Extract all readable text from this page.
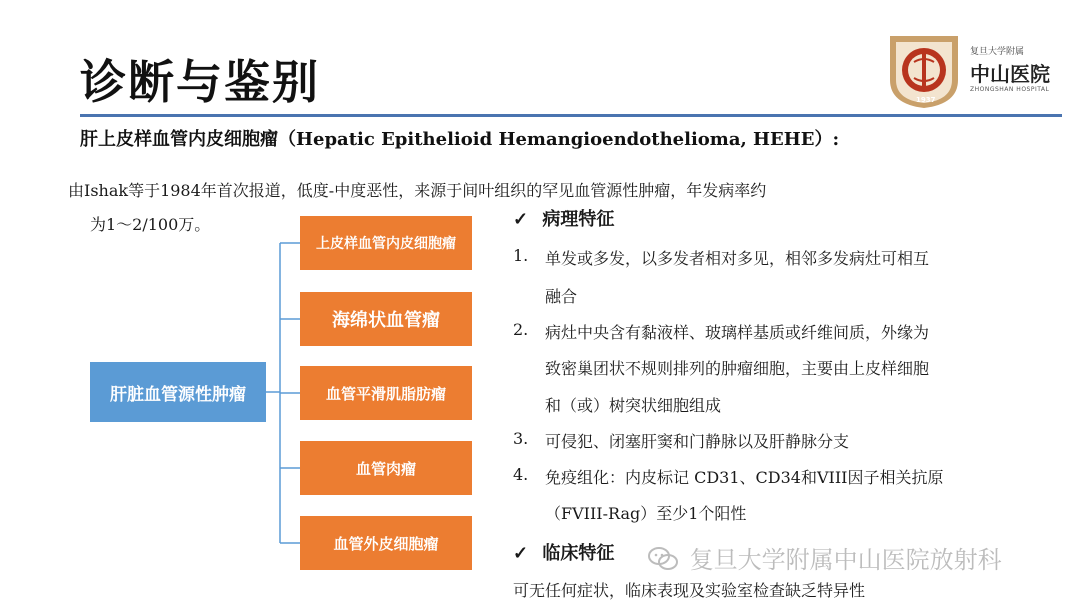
诊断与鉴别	1937
复旦大学附属
中山医院
ZHONGSHAN HOSPITAL
肝上皮样血管内皮细胞瘤（Hepatic Epithelioid Hemangioendothelioma, HEHE）:
由Ishak等于1984年首次报道，低度-中度恶性，来源于间叶组织的罕见血管源性肿瘤，年发病率约
为1～2/100万。
肝脏血管源性肿瘤
上皮样血管内皮细胞瘤
海绵状血管瘤
血管平滑肌脂肪瘤
血管肉瘤
血管外皮细胞瘤
✓ 病理特征
1. 单发或多发，以多发者相对多见，相邻多发病灶可相互
融合
2. 病灶中央含有黏液样、玻璃样基质或纤维间质，外缘为
致密巢团状不规则排列的肿瘤细胞，主要由上皮样细胞
和（或）树突状细胞组成
3. 可侵犯、闭塞肝窦和门静脉以及肝静脉分支
4. 免疫组化：内皮标记 CD31、CD34和VIII因子相关抗原
（FVIII-Rag）至少1个阳性
✓ 临床特征
可无任何症状，临床表现及实验室检查缺乏特异性
复旦大学附属中山医院放射科
